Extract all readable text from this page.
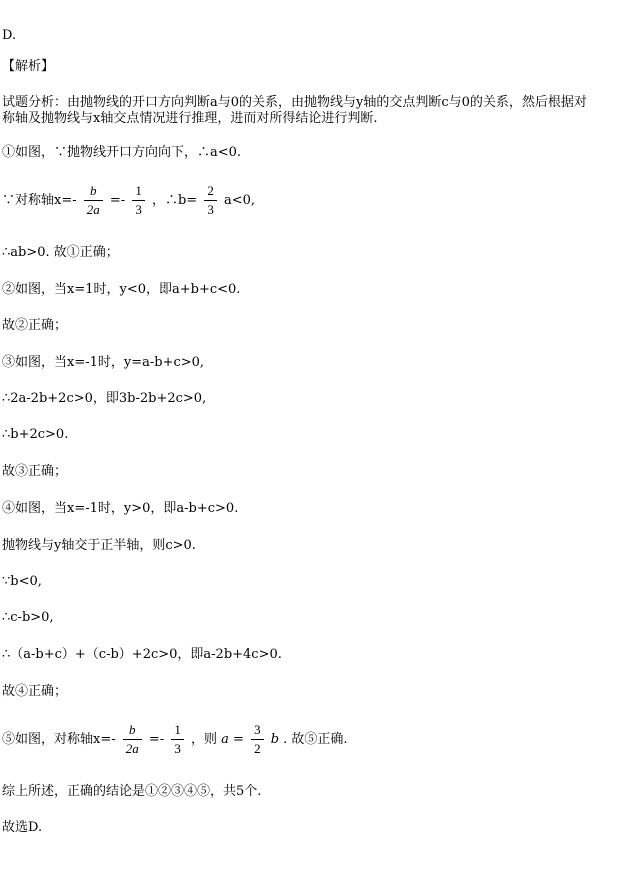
D.
【解析】
试题分析：由抛物线的开口方向判断a与0的关系，由抛物线与y轴的交点判断c与0的关系，然后根据对
称轴及抛物线与x轴交点情况进行推理，进而对所得结论进行判断.
①如图，∵抛物线开口方向向下，∴a<0.
∵对称轴$x=- \frac{b}{2a} =- \frac{1}{3}$ ，∴b= $\frac{2}{3} a<0$,
∴ab>0. 故①正确；
②如图，当x=1时，y<0，即a+b+c<0.
故②正确；
③如图，当x=-1时，y=a-b+c>0,
∴2a-2b+2c>0，即3b-2b+2c>0,
∴b+2c>0.
故③正确；
④如图，当x=-1时，y>0，即a-b+c>0.
抛物线与y轴交于正半轴，则c>0.
∵b<0,
∴c-b>0,
∴（a-b+c）+（c-b）+2c>0，即a-2b+4c>0.
故④正确；
⑤如图，对称轴$x=- \frac{b}{2a} =- \frac{1}{3}$ ，则 $a = \frac{3}{2}$ b . 故⑤正确.
综上所述，正确的结论是①②③④⑤，共5个.
故选D.
